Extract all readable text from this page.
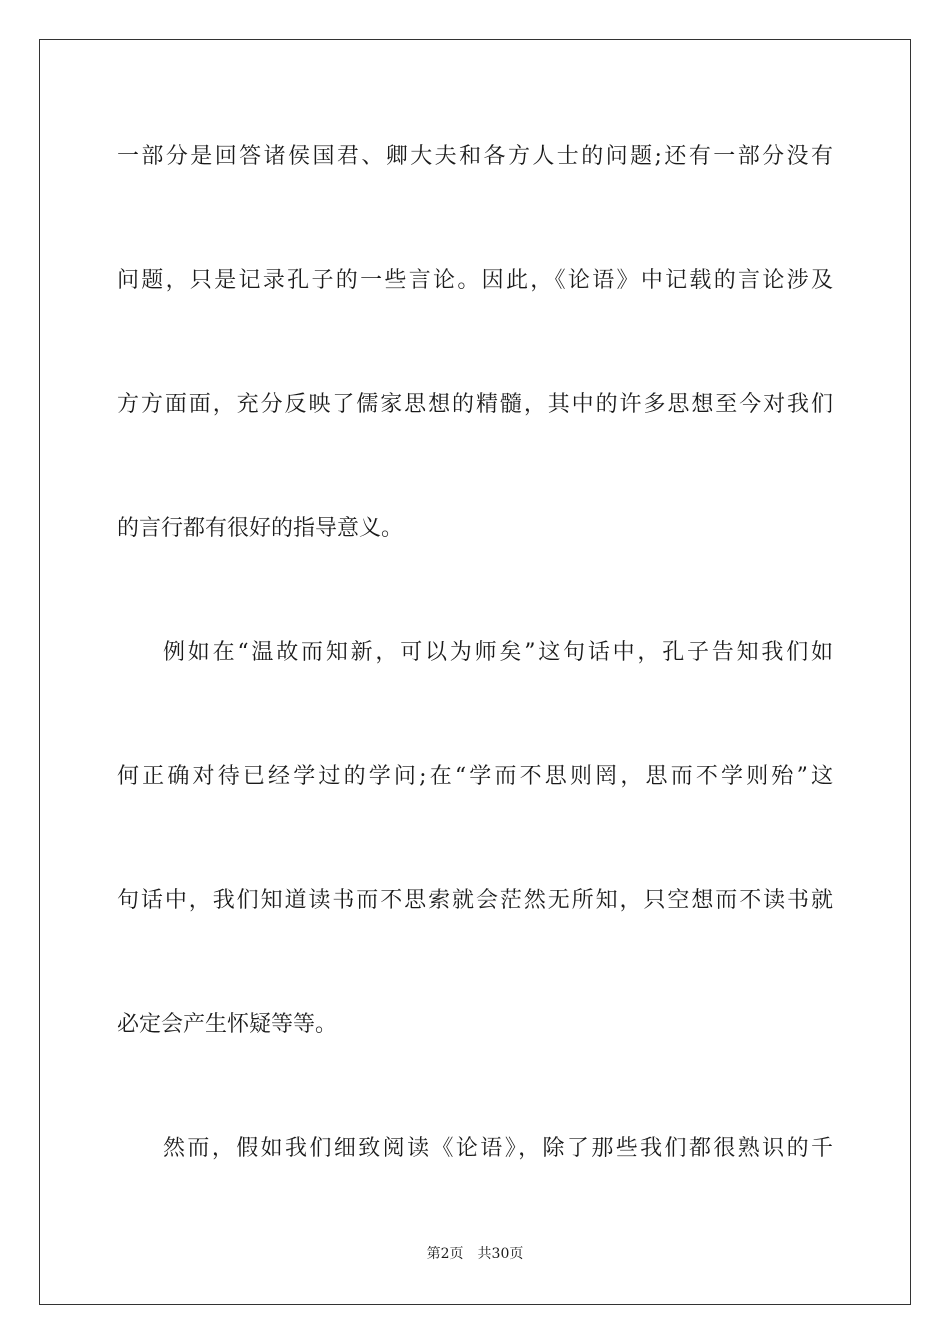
一部分是回答诸侯国君、卿大夫和各方人士的问题;还有一部分没有
问题，只是记录孔子的一些言论。因此，《论语》中记载的言论涉及
方方面面，充分反映了儒家思想的精髓，其中的许多思想至今对我们
的言行都有很好的指导意义。
例如在“温故而知新，可以为师矣”这句话中，孔子告知我们如
何正确对待已经学过的学问;在“学而不思则罔，思而不学则殆”这
句话中，我们知道读书而不思索就会茫然无所知，只空想而不读书就
必定会产生怀疑等等。
然而，假如我们细致阅读《论语》，除了那些我们都很熟识的千
第2页 共30页
